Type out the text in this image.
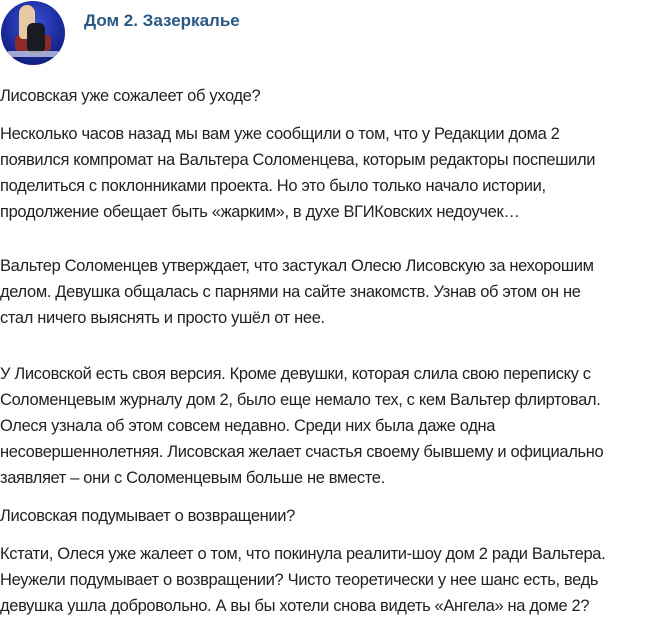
Дом 2. Зазеркалье
Лисовская уже сожалеет об уходе?
Несколько часов назад мы вам уже сообщили о том, что у Редакции дома 2
появился компромат на Вальтера Соломенцева, которым редакторы поспешили
поделиться с поклонниками проекта. Но это было только начало истории,
продолжение обещает быть «жарким», в духе ВГИКовских недоучек…
Вальтер Соломенцев утверждает, что застукал Олесю Лисовскую за нехорошим
делом. Девушка общалась с парнями на сайте знакомств. Узнав об этом он не
стал ничего выяснять и просто ушёл от нее.
У Лисовской есть своя версия. Кроме девушки, которая слила свою переписку с
Соломенцевым журналу дом 2, было еще немало тех, с кем Вальтер флиртовал.
Олеся узнала об этом совсем недавно. Среди них была даже одна
несовершеннолетняя. Лисовская желает счастья своему бывшему и официально
заявляет – они с Соломенцевым больше не вместе.
Лисовская подумывает о возвращении?
Кстати, Олеся уже жалеет о том, что покинула реалити-шоу дом 2 ради Вальтера.
Неужели подумывает о возвращении? Чисто теоретически у нее шанс есть, ведь
девушка ушла добровольно. А вы бы хотели снова видеть «Ангела» на доме 2?
